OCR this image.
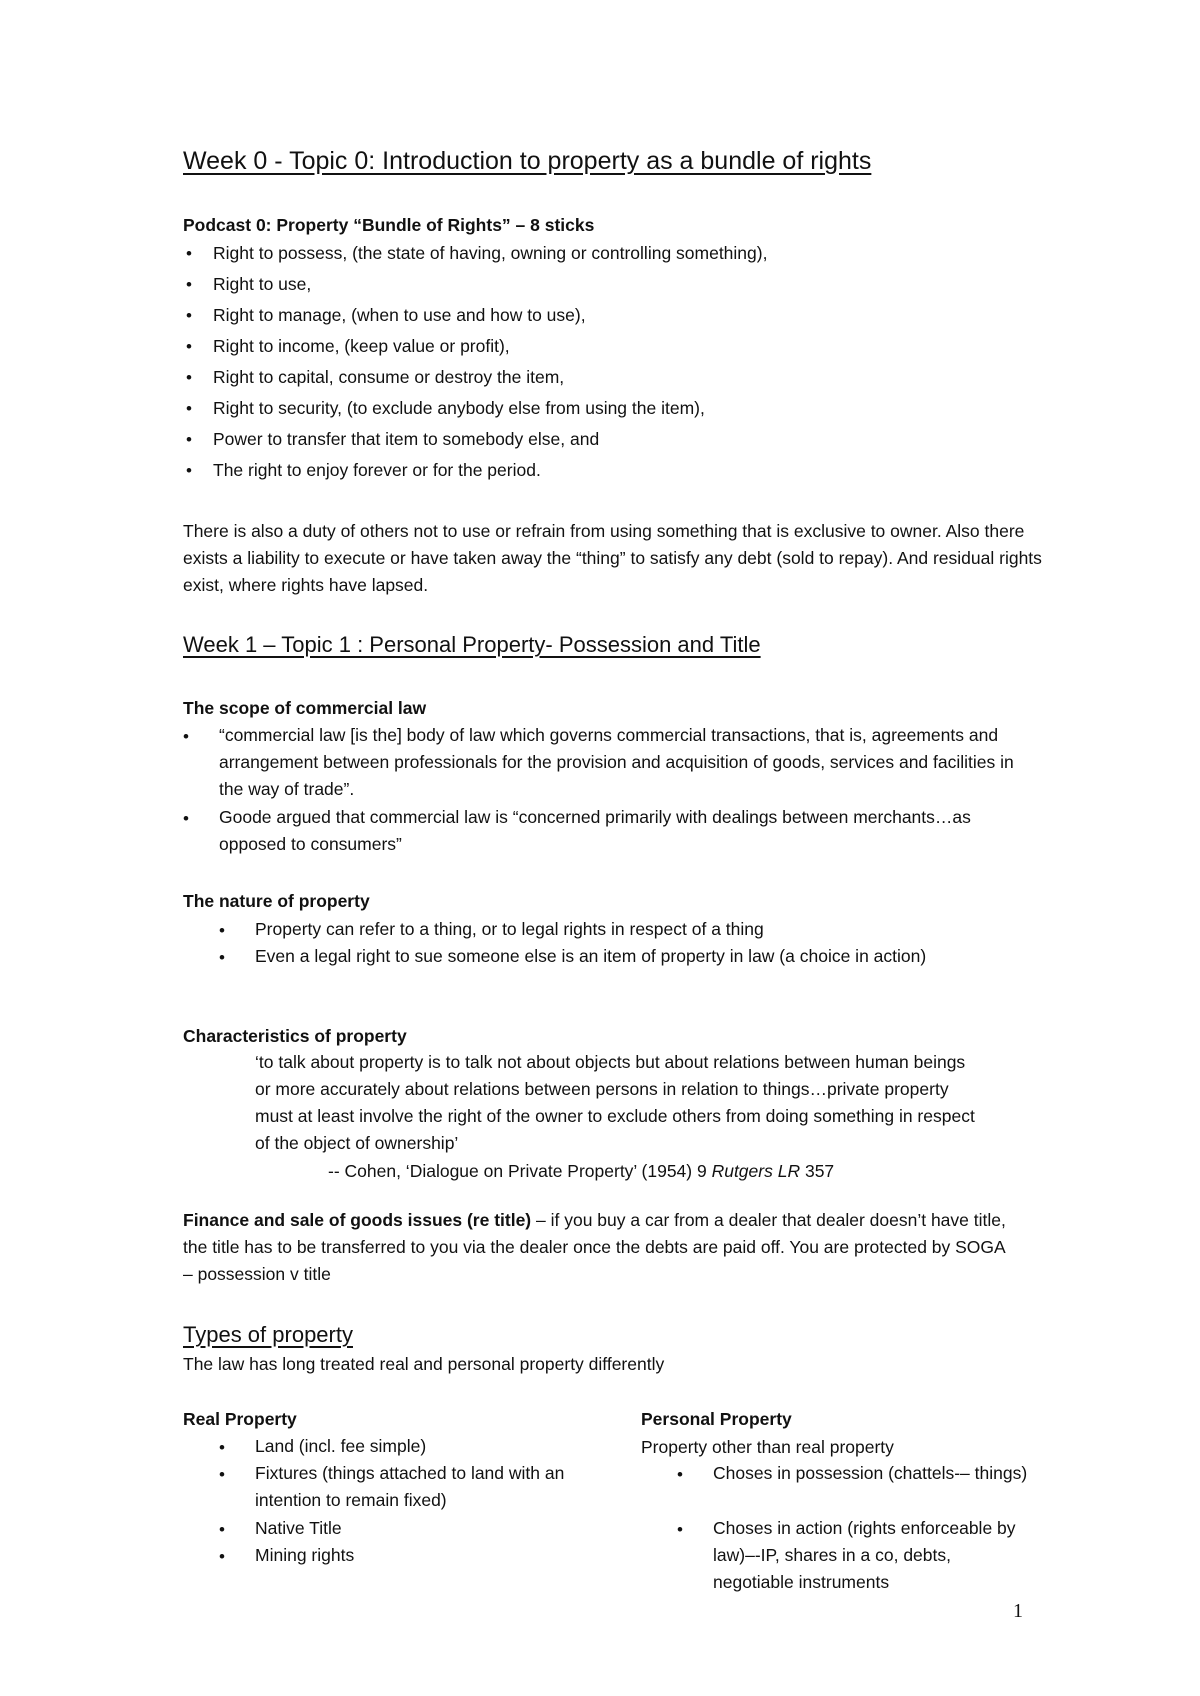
Week 0 - Topic 0: Introduction to property as a bundle of rights
Podcast 0: Property “Bundle of Rights” – 8 sticks
• Right to possess, (the state of having, owning or controlling something),
• Right to use,
• Right to manage, (when to use and how to use),
• Right to income, (keep value or profit),
• Right to capital, consume or destroy the item,
• Right to security, (to exclude anybody else from using the item),
• Power to transfer that item to somebody else, and
• The right to enjoy forever or for the period.

There is also a duty of others not to use or refrain from using something that is exclusive to owner. Also there exists a liability to execute or have taken away the “thing” to satisfy any debt (sold to repay). And residual rights exist, where rights have lapsed.

Week 1 – Topic 1 : Personal Property- Possession and Title
The scope of commercial law
• “commercial law [is the] body of law which governs commercial transactions, that is, agreements and arrangement between professionals for the provision and acquisition of goods, services and facilities in the way of trade”.

• Goode argued that commercial law is “concerned primarily with dealings between merchants…as opposed to consumers”

The nature of property
• Property can refer to a thing, or to legal rights in respect of a thing

• Even a legal right to sue someone else is an item of property in law (a choice in action)

Characteristics of property

‘to talk about property is to talk not about objects but about relations between human beings or more accurately about relations between persons in relation to things…private property must at least involve the right of the owner to exclude others from doing something in respect of the object of ownership’

-- Cohen, ‘Dialogue on Private Property’ (1954) 9 Rutgers LR 357

Finance and sale of goods issues (re title) – if you buy a car from a dealer that dealer doesn’t have title, the title has to be transferred to you via the dealer once the debts are paid off. You are protected by SOGA – possession v title

Types of property
The law has long treated real and personal property differently
Real Property
• Land (incl. fee simple)

• Fixtures (things attached to land with an intention to remain fixed)

• Native Title

• Mining rights

Personal Property
Property other than real property
• Choses in possession (chattels-– things)

• Choses in action (rights enforceable by law)–-IP, shares in a co, debts, negotiable instruments

1
